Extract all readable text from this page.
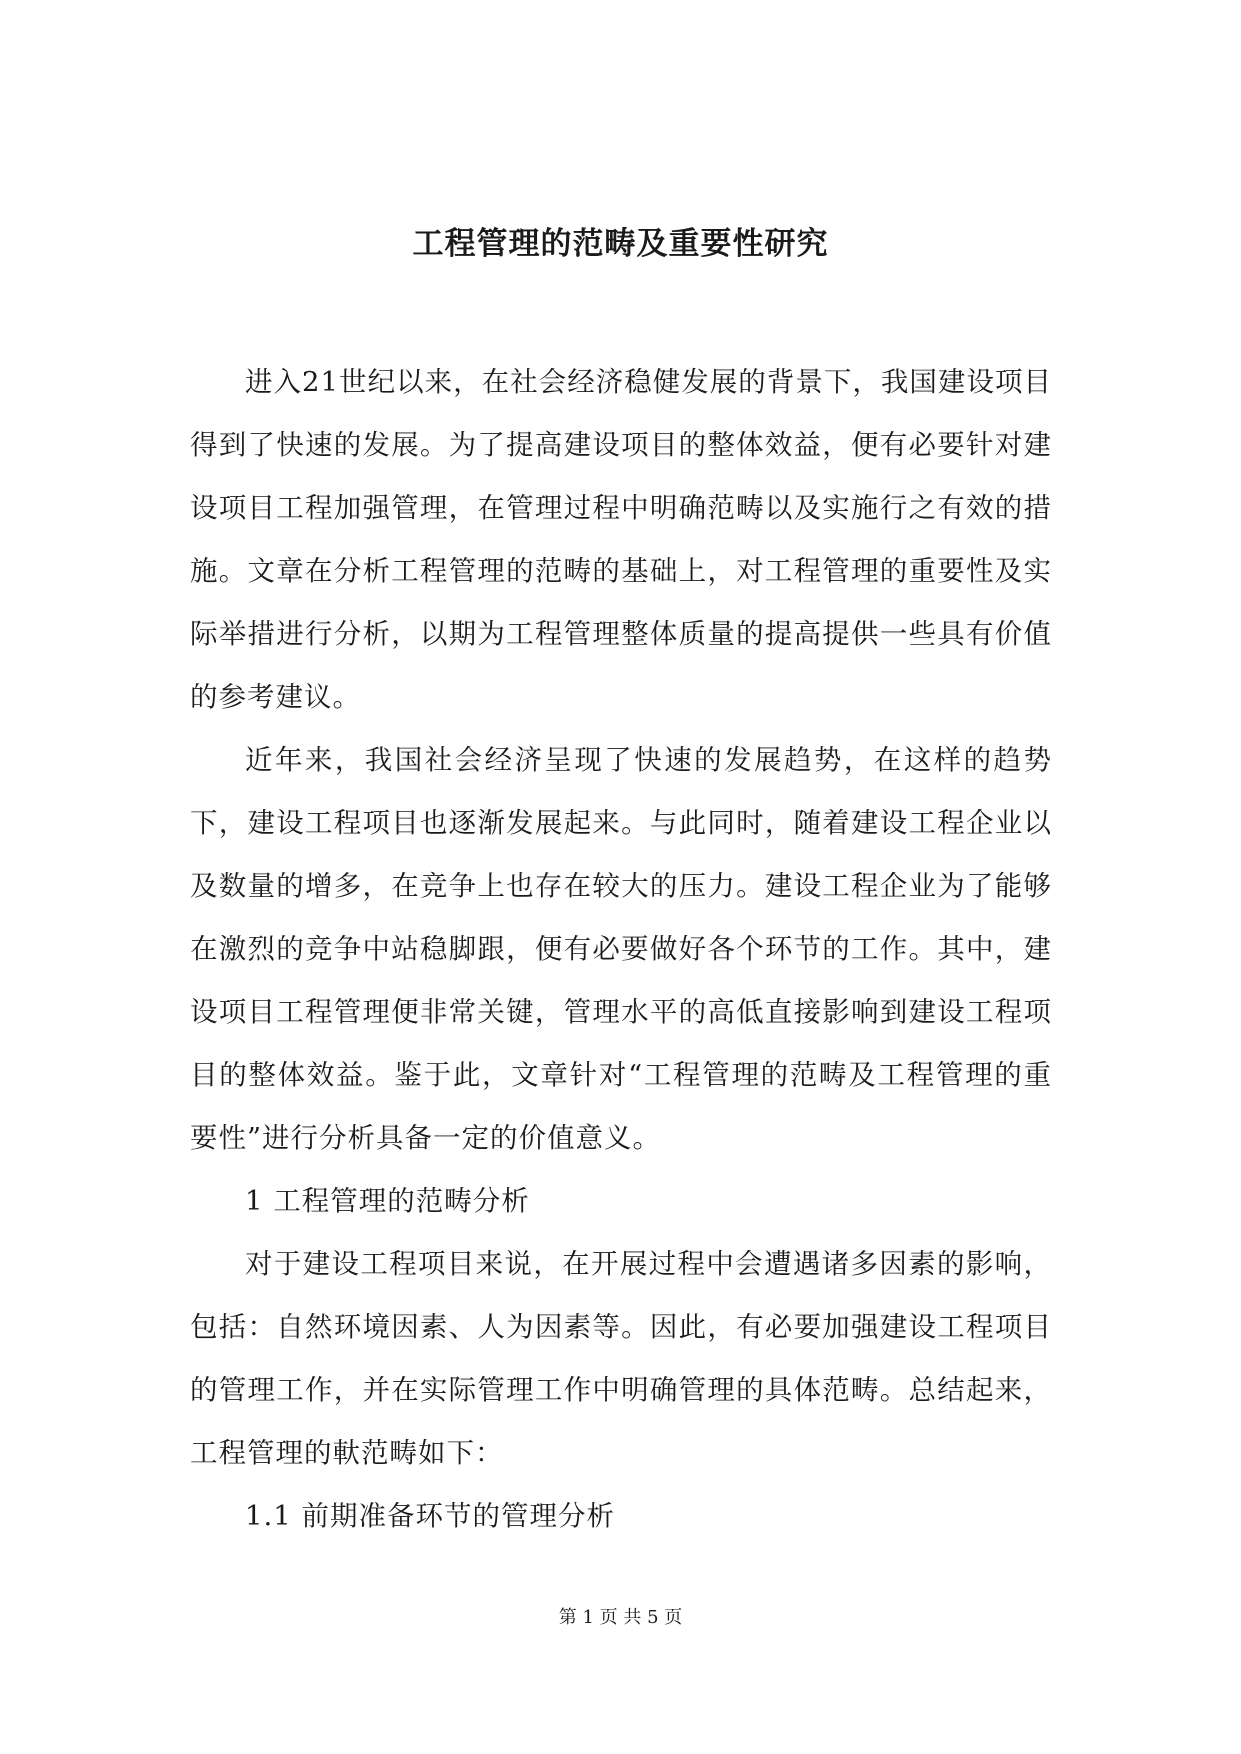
工程管理的范畴及重要性研究

进入21世纪以来，在社会经济稳健发展的背景下，我国建设项目得到了快速的发展。为了提高建设项目的整体效益，便有必要针对建设项目工程加强管理，在管理过程中明确范畴以及实施行之有效的措施。文章在分析工程管理的范畴的基础上，对工程管理的重要性及实际举措进行分析，以期为工程管理整体质量的提高提供一些具有价值的参考建议。

近年来，我国社会经济呈现了快速的发展趋势，在这样的趋势下，建设工程项目也逐渐发展起来。与此同时，随着建设工程企业以及数量的增多，在竞争上也存在较大的压力。建设工程企业为了能够在激烈的竞争中站稳脚跟，便有必要做好各个环节的工作。其中，建设项目工程管理便非常关键，管理水平的高低直接影响到建设工程项目的整体效益。鉴于此，文章针对“工程管理的范畴及工程管理的重要性”进行分析具备一定的价值意义。

1 工程管理的范畴分析

对于建设工程项目来说，在开展过程中会遭遇诸多因素的影响，包括：自然环境因素、人为因素等。因此，有必要加强建设工程项目的管理工作，并在实际管理工作中明确管理的具体范畴。总结起来，工程管理的軑范畴如下：

1.1 前期准备环节的管理分析

第 1 页 共 5 页
